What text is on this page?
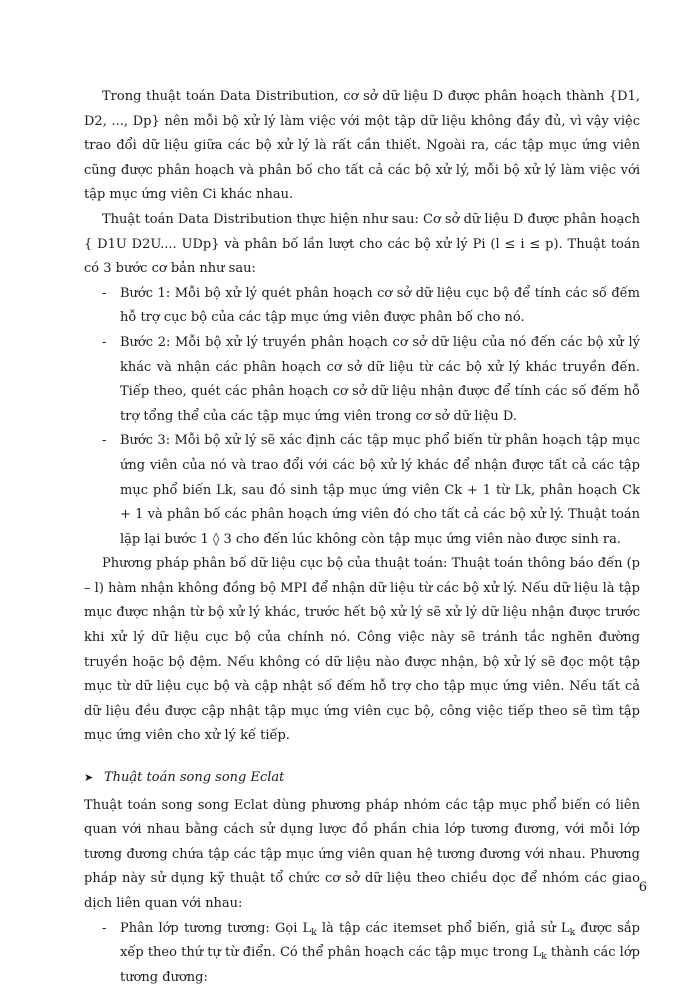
Trong thuật toán Data Distribution, cơ sở dữ liệu D được phân hoạch thành {D1, D2, ..., Dp} nên mỗi bộ xử lý làm việc với một tập dữ liệu không đầy đủ, vì vậy việc trao đổi dữ liệu giữa các bộ xử lý là rất cần thiết. Ngoài ra, các tập mục ứng viên cũng được phân hoạch và phân bố cho tất cả các bộ xử lý, mỗi bộ xử lý làm việc với tập mục ứng viên Ci khác nhau.

Thuật toán Data Distribution thực hiện như sau: Cơ sở dữ liệu D được phân hoạch { D1U D2U.... UDp} và phân bố lần lượt cho các bộ xử lý Pi (l ≤ i ≤ p). Thuật toán có 3 bước cơ bản như sau:

- Bước 1: Mỗi bộ xử lý quét phân hoạch cơ sở dữ liệu cục bộ để tính các số đếm hỗ trợ cục bộ của các tập mục ứng viên được phân bố cho nó.
- Bước 2: Mỗi bộ xử lý truyền phân hoạch cơ sở dữ liệu của nó đến các bộ xử lý khác và nhận các phân hoạch cơ sở dữ liệu từ các bộ xử lý khác truyền đến. Tiếp theo, quét các phân hoạch cơ sở dữ liệu nhận được để tính các số đếm hỗ trợ tổng thể của các tập mục ứng viên trong cơ sở dữ liệu D.
- Bước 3: Mỗi bộ xử lý sẽ xác định các tập mục phổ biến từ phân hoạch tập mục ứng viên của nó và trao đổi với các bộ xử lý khác để nhận được tất cả các tập mục phổ biến Lk, sau đó sinh tập mục ứng viên Ck + 1 từ Lk, phân hoạch Ck + 1 và phân bố các phân hoạch ứng viên đó cho tất cả các bộ xử lý. Thuật toán lặp lại bước 1 ◊ 3 cho đến lúc không còn tập mục ứng viên nào được sinh ra.

Phương pháp phân bố dữ liệu cục bộ của thuật toán: Thuật toán thông báo đến (p – l) hàm nhận không đồng bộ MPI để nhận dữ liệu từ các bộ xử lý. Nếu dữ liệu là tập mục được nhận từ bộ xử lý khác, trước hết bộ xử lý sẽ xử lý dữ liệu nhận được trước khi xử lý dữ liệu cục bộ của chính nó. Công việc này sẽ tránh tắc nghẽn đường truyền hoặc bộ đệm. Nếu không có dữ liệu nào được nhận, bộ xử lý sẽ đọc một tập mục từ dữ liệu cục bộ và cập nhật số đếm hỗ trợ cho tập mục ứng viên. Nếu tất cả dữ liệu đều được cập nhật tập mục ứng viên cục bộ, công việc tiếp theo sẽ tìm tập mục ứng viên cho xử lý kế tiếp.

➤ Thuật toán song song Eclat

Thuật toán song song Eclat dùng phương pháp nhóm các tập mục phổ biến có liên quan với nhau bằng cách sử dụng lược đồ phần chia lớp tương đương, với mỗi lớp tương đương chứa tập các tập mục ứng viên quan hệ tương đương với nhau. Phương pháp này sử dụng kỹ thuật tổ chức cơ sở dữ liệu theo chiều dọc để nhóm các giao dịch liên quan với nhau:

- Phân lớp tương tương: Gọi $L_k$ là tập các itemset phổ biến, giả sử $L_k$ được sắp xếp theo thứ tự từ điển. Có thể phân hoạch các tập mục trong $L_k$ thành các lớp tương đương:
6
